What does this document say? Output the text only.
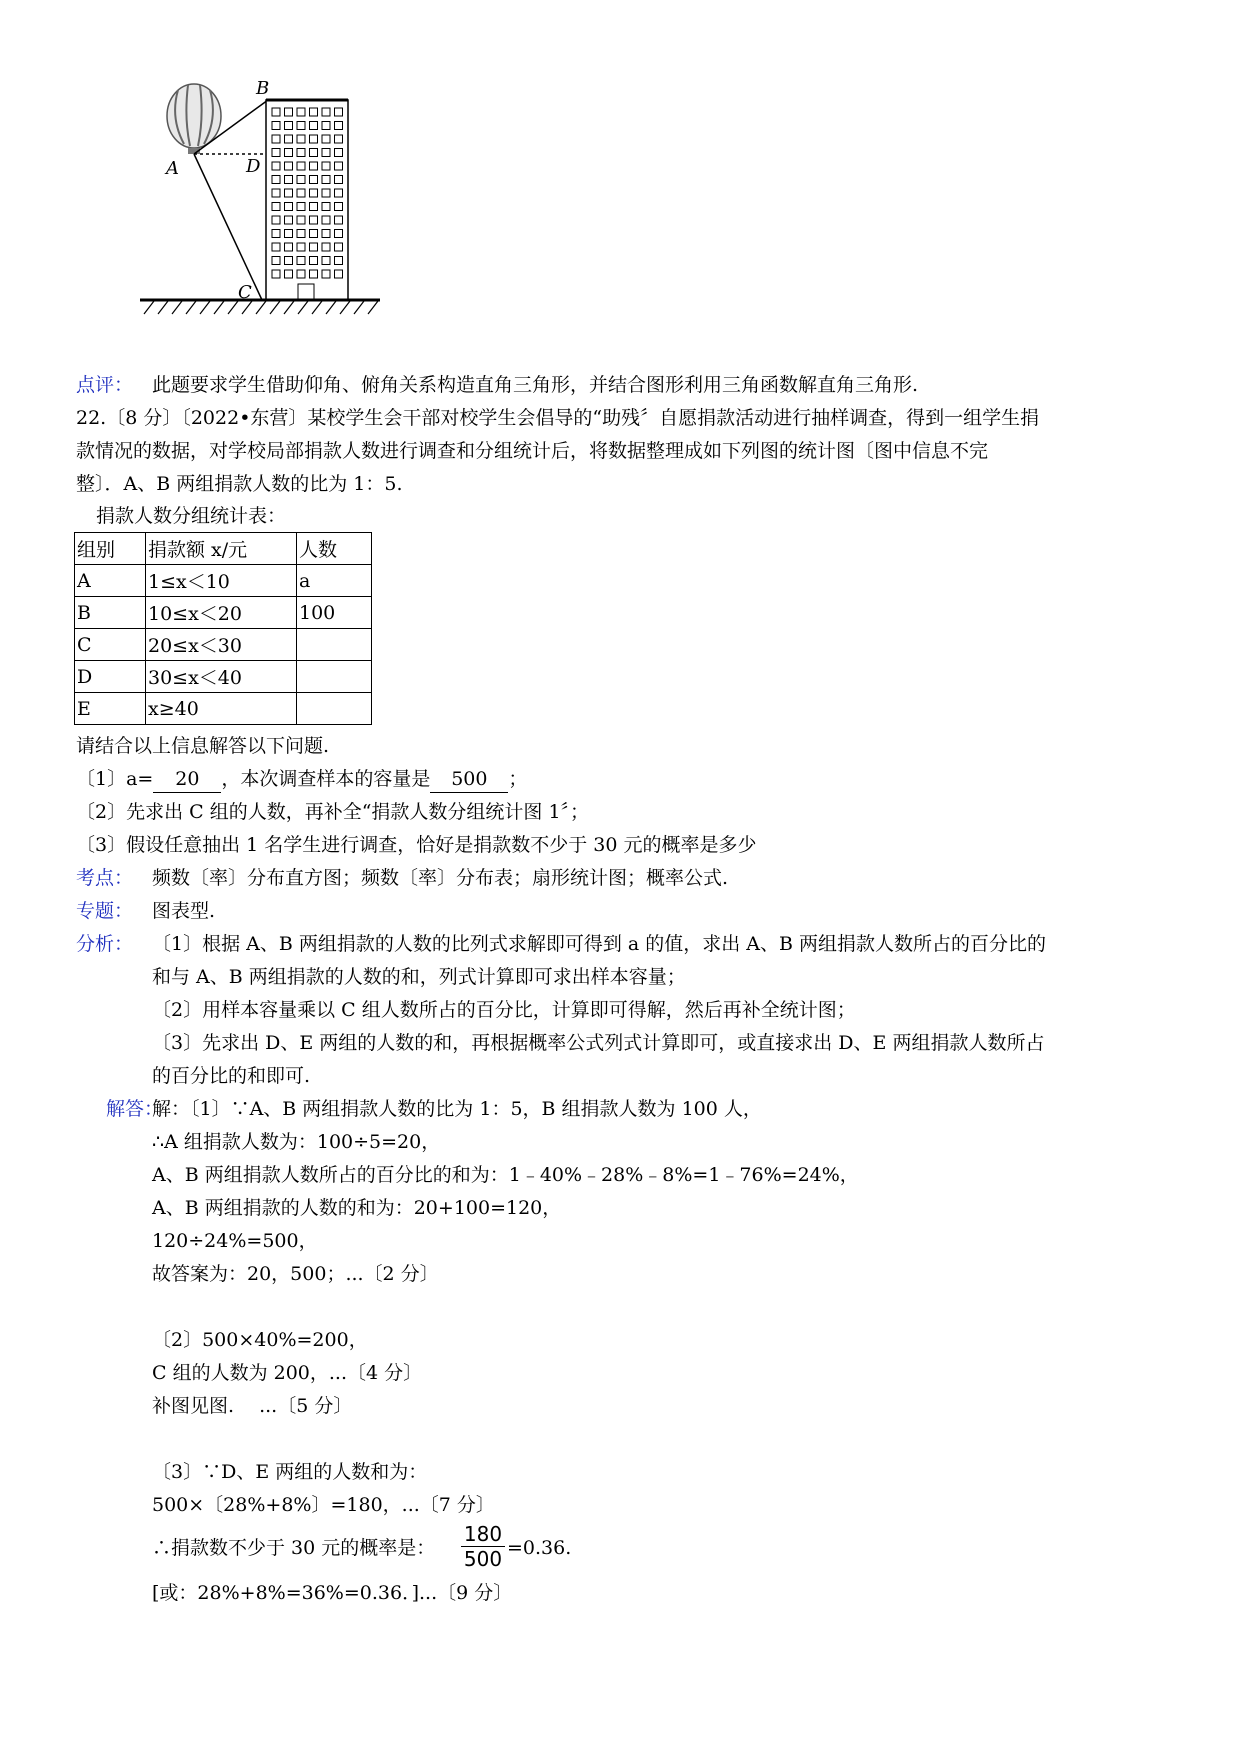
B
A	D
C
点评： 此题要求学生借助仰角、俯角关系构造直角三角形，并结合图形利用三角函数解直角三角形.
22.〔8 分〕〔2022•东营〕某校学生会干部对校学生会倡导的“助残〞自愿捐款活动进行抽样调查，得到一组学生捐
款情况的数据，对学校局部捐款人数进行调查和分组统计后，将数据整理成如下列图的统计图〔图中信息不完
整〕．A、B 两组捐款人数的比为 1：5.
捐款人数分组统计表：
组别	捐款额 x/元	人数
A	1≤x＜10	a
B	10≤x＜20	100
C	20≤x＜30	
D	30≤x＜40	
E	x≥40	
请结合以上信息解答以下问题.
〔1〕a= 20 ，本次调查样本的容量是 500 ；
〔2〕先求出 C 组的人数，再补全“捐款人数分组统计图 1〞；
〔3〕假设任意抽出 1 名学生进行调查，恰好是捐款数不少于 30 元的概率是多少
考点： 频数〔率〕分布直方图；频数〔率〕分布表；扇形统计图；概率公式.
专题： 图表型.
分析： 〔1〕根据 A、B 两组捐款的人数的比列式求解即可得到 a 的值，求出 A、B 两组捐款人数所占的百分比的
和与 A、B 两组捐款的人数的和，列式计算即可求出样本容量；
〔2〕用样本容量乘以 C 组人数所占的百分比，计算即可得解，然后再补全统计图；
〔3〕先求出 D、E 两组的人数的和，再根据概率公式列式计算即可，或直接求出 D、E 两组捐款人数所占
的百分比的和即可.
解答：
解：〔1〕∵A、B 两组捐款人数的比为 1：5，B 组捐款人数为 100 人，
∴A 组捐款人数为：100÷5=20，
A、B 两组捐款人数所占的百分比的和为：1﹣40%﹣28%﹣8%=1﹣76%=24%，
A、B 两组捐款的人数的和为：20+100=120，
120÷24%=500，
故答案为：20，500；...〔2 分〕
〔2〕500×40%=200，
C 组的人数为 200，...〔4 分〕
补图见图.　 ...〔5 分〕
〔3〕∵D、E 两组的人数和为：
500×〔28%+8%〕=180，...〔7 分〕
∴捐款数不少于 30 元的概率是：
180
500 =0.36.
[或：28%+8%=36%=0.36．]...〔9 分〕
